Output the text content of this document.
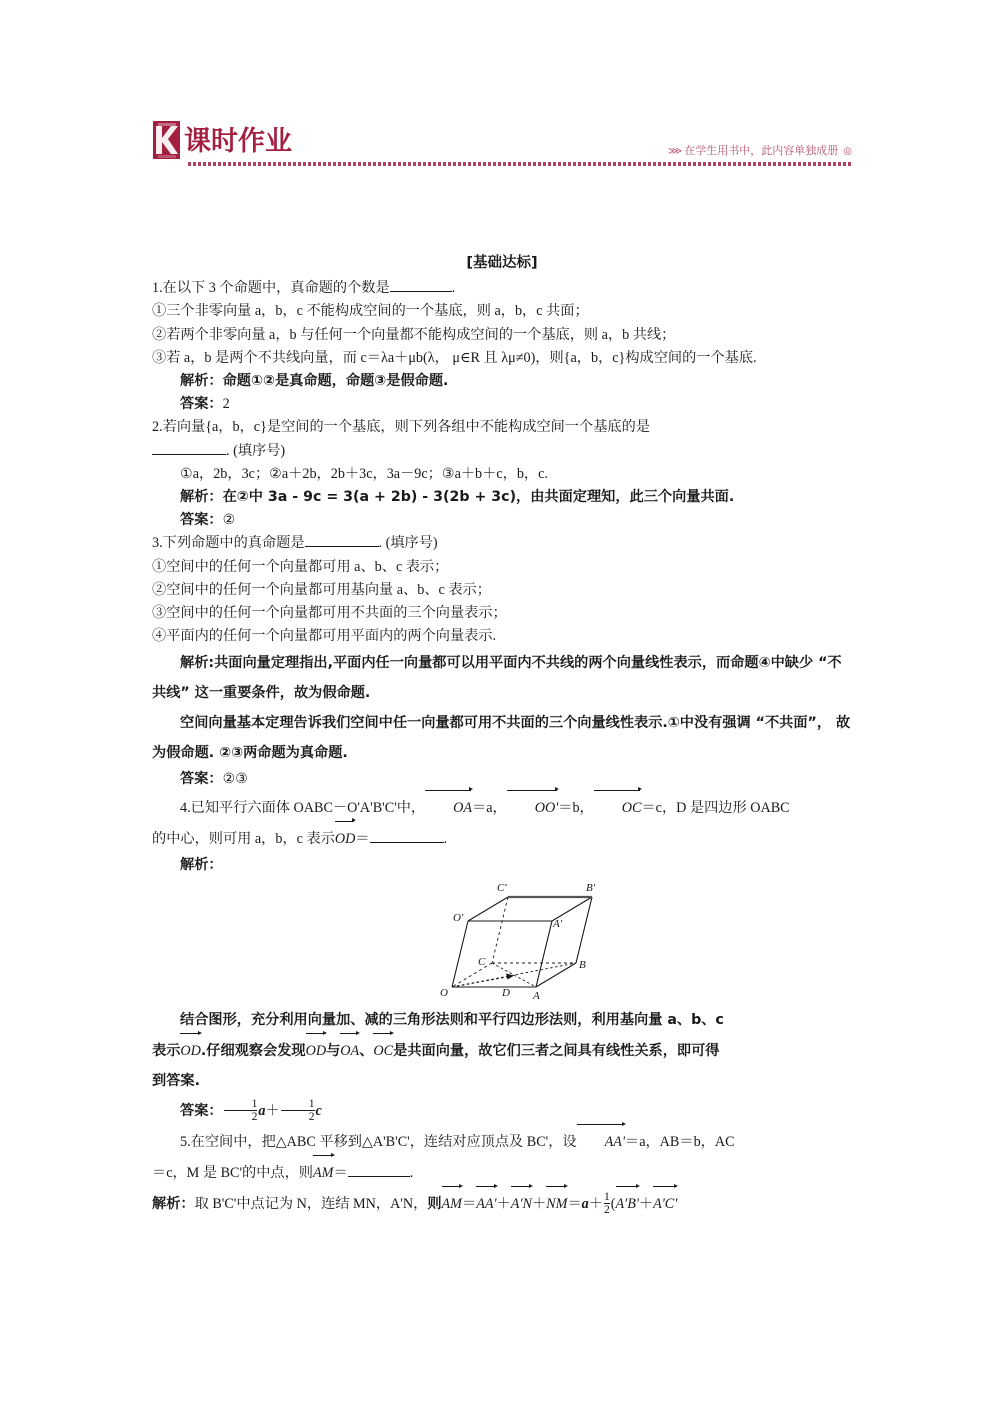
课时作业	⋙ 在学生用书中，此内容单独成册 ◎
[基础达标]

1.在以下 3 个命题中，真命题的个数是	.

①三个非零向量 a，b，c 不能构成空间的一个基底，则 a，b，c 共面；

②若两个非零向量 a，b 与任何一个向量都不能构成空间的一个基底，则 a，b 共线；

③若 a，b 是两个不共线向量，而 c＝λa＋μb(λ， μ∈R 且 λμ≠0)，则{a，b，c}构成空间的一个基底.

解析：命题①②是真命题，命题③是假命题.

答案：2

2.若向量{a，b，c}是空间的一个基底，则下列各组中不能构成空间一个基底的是

. (填序号)

①a，2b，3c；②a＋2b，2b＋3c，3a－9c；③a＋b＋c，b，c.

解析：在②中 3a - 9c = 3(a + 2b) - 3(2b + 3c)，由共面定理知，此三个向量共面.

答案：②

3.下列命题中的真命题是	. (填序号)

①空间中的任何一个向量都可用 a、b、c 表示；

②空间中的任何一个向量都可用基向量 a、b、c 表示；

③空间中的任何一个向量都可用不共面的三个向量表示；

④平面内的任何一个向量都可用平面内的两个向量表示.

解析:共面向量定理指出,平面内任一向量都可以用平面内不共线的两个向量线性表示，而命题④中缺少 “不共线” 这一重要条件，故为假命题.

空间向量基本定理告诉我们空间中任一向量都可用不共面的三个向量线性表示.①中没有强调 “不共面”， 故为假命题. ②③两命题为真命题.

答案：②③

4.已知平行六面体 OABC－O'A'B'C'中， OA＝a， OO'＝b， OC＝c，D 是四边形 OABC

的中心，则可用 a，b，c 表示OD＝	.

解析：

C'	B'
O'	A'
C	B
O	D A

结合图形，充分利用向量加、减的三角形法则和平行四边形法则，利用基向量 a、b、c

表示OD.仔细观察会发现OD与OA、OC是共面向量，故它们三者之间具有线性关系，即可得

到答案.

答案： $\frac{1}{2} a+ \frac{1}{2}$ c

5.在空间中，把△ABC 平移到△A'B'C'，连结对应顶点及 BC'，设 AA'＝a，AB＝b，AC

＝c，M 是 BC'的中点，则AM＝	.

解析：取 B'C'中点记为 N，连结 MN，A'N，则$AM=AA'+A'N+NM=a+ \frac{1}{2} (A'B'+A'C'$
